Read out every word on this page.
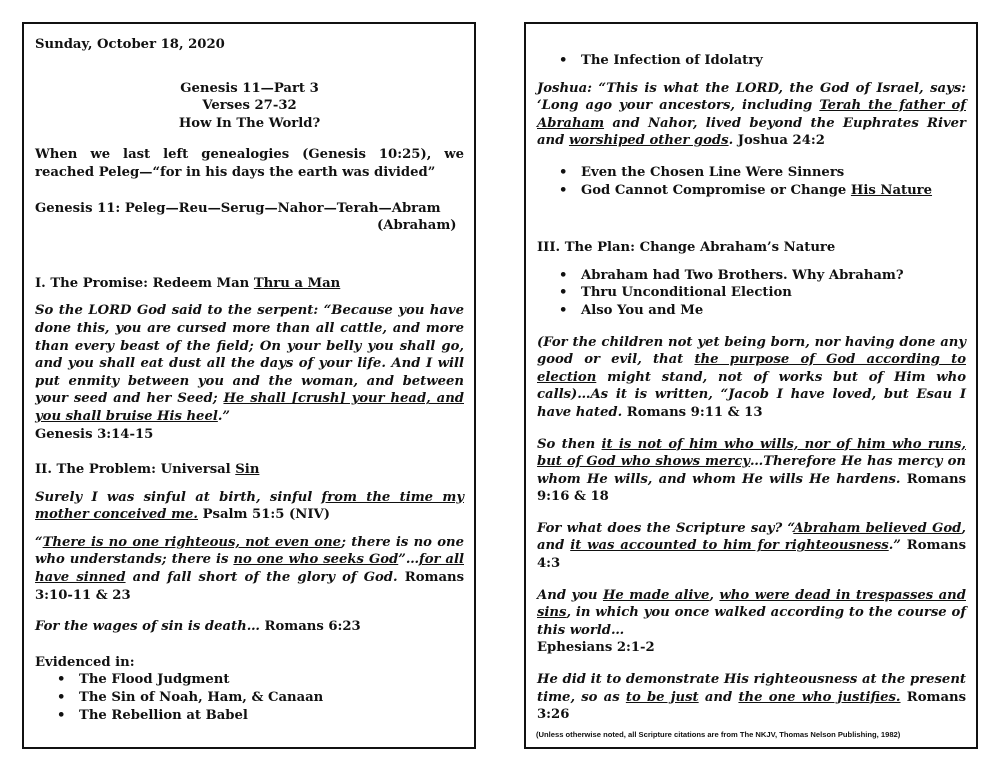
Sunday, October 18, 2020
Genesis 11—Part 3
Verses 27-32
How In The World?

When we last left genealogies (Genesis 10:25), we reached Peleg—“for in his days the earth was divided”

Genesis 11: Peleg—Reu—Serug—Nahor—Terah—Abram
(Abraham)
I. The Promise: Redeem Man Thru a Man

So the LORD God said to the serpent: “Because you have done this, you are cursed more than all cattle, and more than every beast of the field; On your belly you shall go, and you shall eat dust all the days of your life. And I will put enmity between you and the woman, and between your seed and her Seed; He shall [crush] your head, and you shall bruise His heel.”

Genesis 3:14-15
II. The Problem: Universal Sin

Surely I was sinful at birth, sinful from the time my mother conceived me. Psalm 51:5 (NIV)

“There is no one righteous, not even one; there is no one who understands; there is no one who seeks God”…for all have sinned and fall short of the glory of God. Romans 3:10-11 & 23

For the wages of sin is death… Romans 6:23

Evidenced in:
• The Flood Judgment
• The Sin of Noah, Ham, & Canaan
• The Rebellion at Babel
• The Infection of Idolatry

Joshua: “This is what the LORD, the God of Israel, says: ‘Long ago your ancestors, including Terah the father of Abraham and Nahor, lived beyond the Euphrates River and worshiped other gods. Joshua 24:2

• Even the Chosen Line Were Sinners
• God Cannot Compromise or Change His Nature
III. The Plan: Change Abraham’s Nature
• Abraham had Two Brothers. Why Abraham?
• Thru Unconditional Election
• Also You and Me

(For the children not yet being born, nor having done any good or evil, that the purpose of God according to election might stand, not of works but of Him who calls)…As it is written, “Jacob I have loved, but Esau I have hated. Romans 9:11 & 13

So then it is not of him who wills, nor of him who runs, but of God who shows mercy…Therefore He has mercy on whom He wills, and whom He wills He hardens. Romans 9:16 & 18

For what does the Scripture say? “Abraham believed God, and it was accounted to him for righteousness.” Romans 4:3

And you He made alive, who were dead in trespasses and sins, in which you once walked according to the course of this world…

Ephesians 2:1-2

He did it to demonstrate His righteousness at the present time, so as to be just and the one who justifies. Romans 3:26

(Unless otherwise noted, all Scripture citations are from The NKJV, Thomas Nelson Publishing, 1982)
